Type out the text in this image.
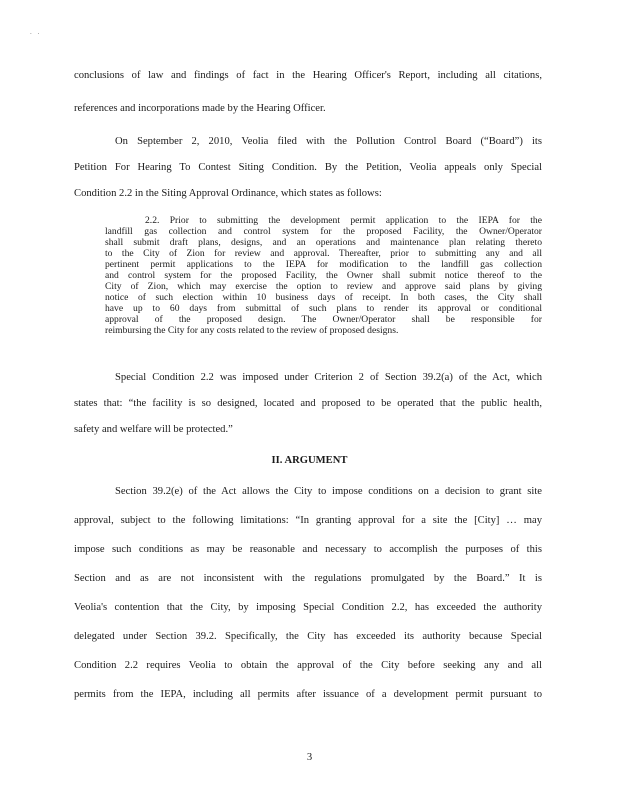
. .
conclusions of law and findings of fact in the Hearing Officer's Report, including all citations,
references and incorporations made by the Hearing Officer.
On September 2, 2010, Veolia filed with the Pollution Control Board (“Board”) its
Petition For Hearing To Contest Siting Condition. By the Petition, Veolia appeals only Special
Condition 2.2 in the Siting Approval Ordinance, which states as follows:
2.2. Prior to submitting the development permit application to the IEPA for the
landfill gas collection and control system for the proposed Facility, the Owner/Operator
shall submit draft plans, designs, and an operations and maintenance plan relating thereto
to the City of Zion for review and approval. Thereafter, prior to submitting any and all
pertinent permit applications to the IEPA for modification to the landfill gas collection
and control system for the proposed Facility, the Owner shall submit notice thereof to the
City of Zion, which may exercise the option to review and approve said plans by giving
notice of such election within 10 business days of receipt. In both cases, the City shall
have up to 60 days from submittal of such plans to render its approval or conditional
approval of the proposed design. The Owner/Operator shall be responsible for
reimbursing the City for any costs related to the review of proposed designs.
Special Condition 2.2 was imposed under Criterion 2 of Section 39.2(a) of the Act, which
states that: “the facility is so designed, located and proposed to be operated that the public health,
safety and welfare will be protected.”
II. ARGUMENT
Section 39.2(e) of the Act allows the City to impose conditions on a decision to grant site
approval, subject to the following limitations: “In granting approval for a site the [City] … may
impose such conditions as may be reasonable and necessary to accomplish the purposes of this
Section and as are not inconsistent with the regulations promulgated by the Board.” It is
Veolia's contention that the City, by imposing Special Condition 2.2, has exceeded the authority
delegated under Section 39.2. Specifically, the City has exceeded its authority because Special
Condition 2.2 requires Veolia to obtain the approval of the City before seeking any and all
permits from the IEPA, including all permits after issuance of a development permit pursuant to
3
